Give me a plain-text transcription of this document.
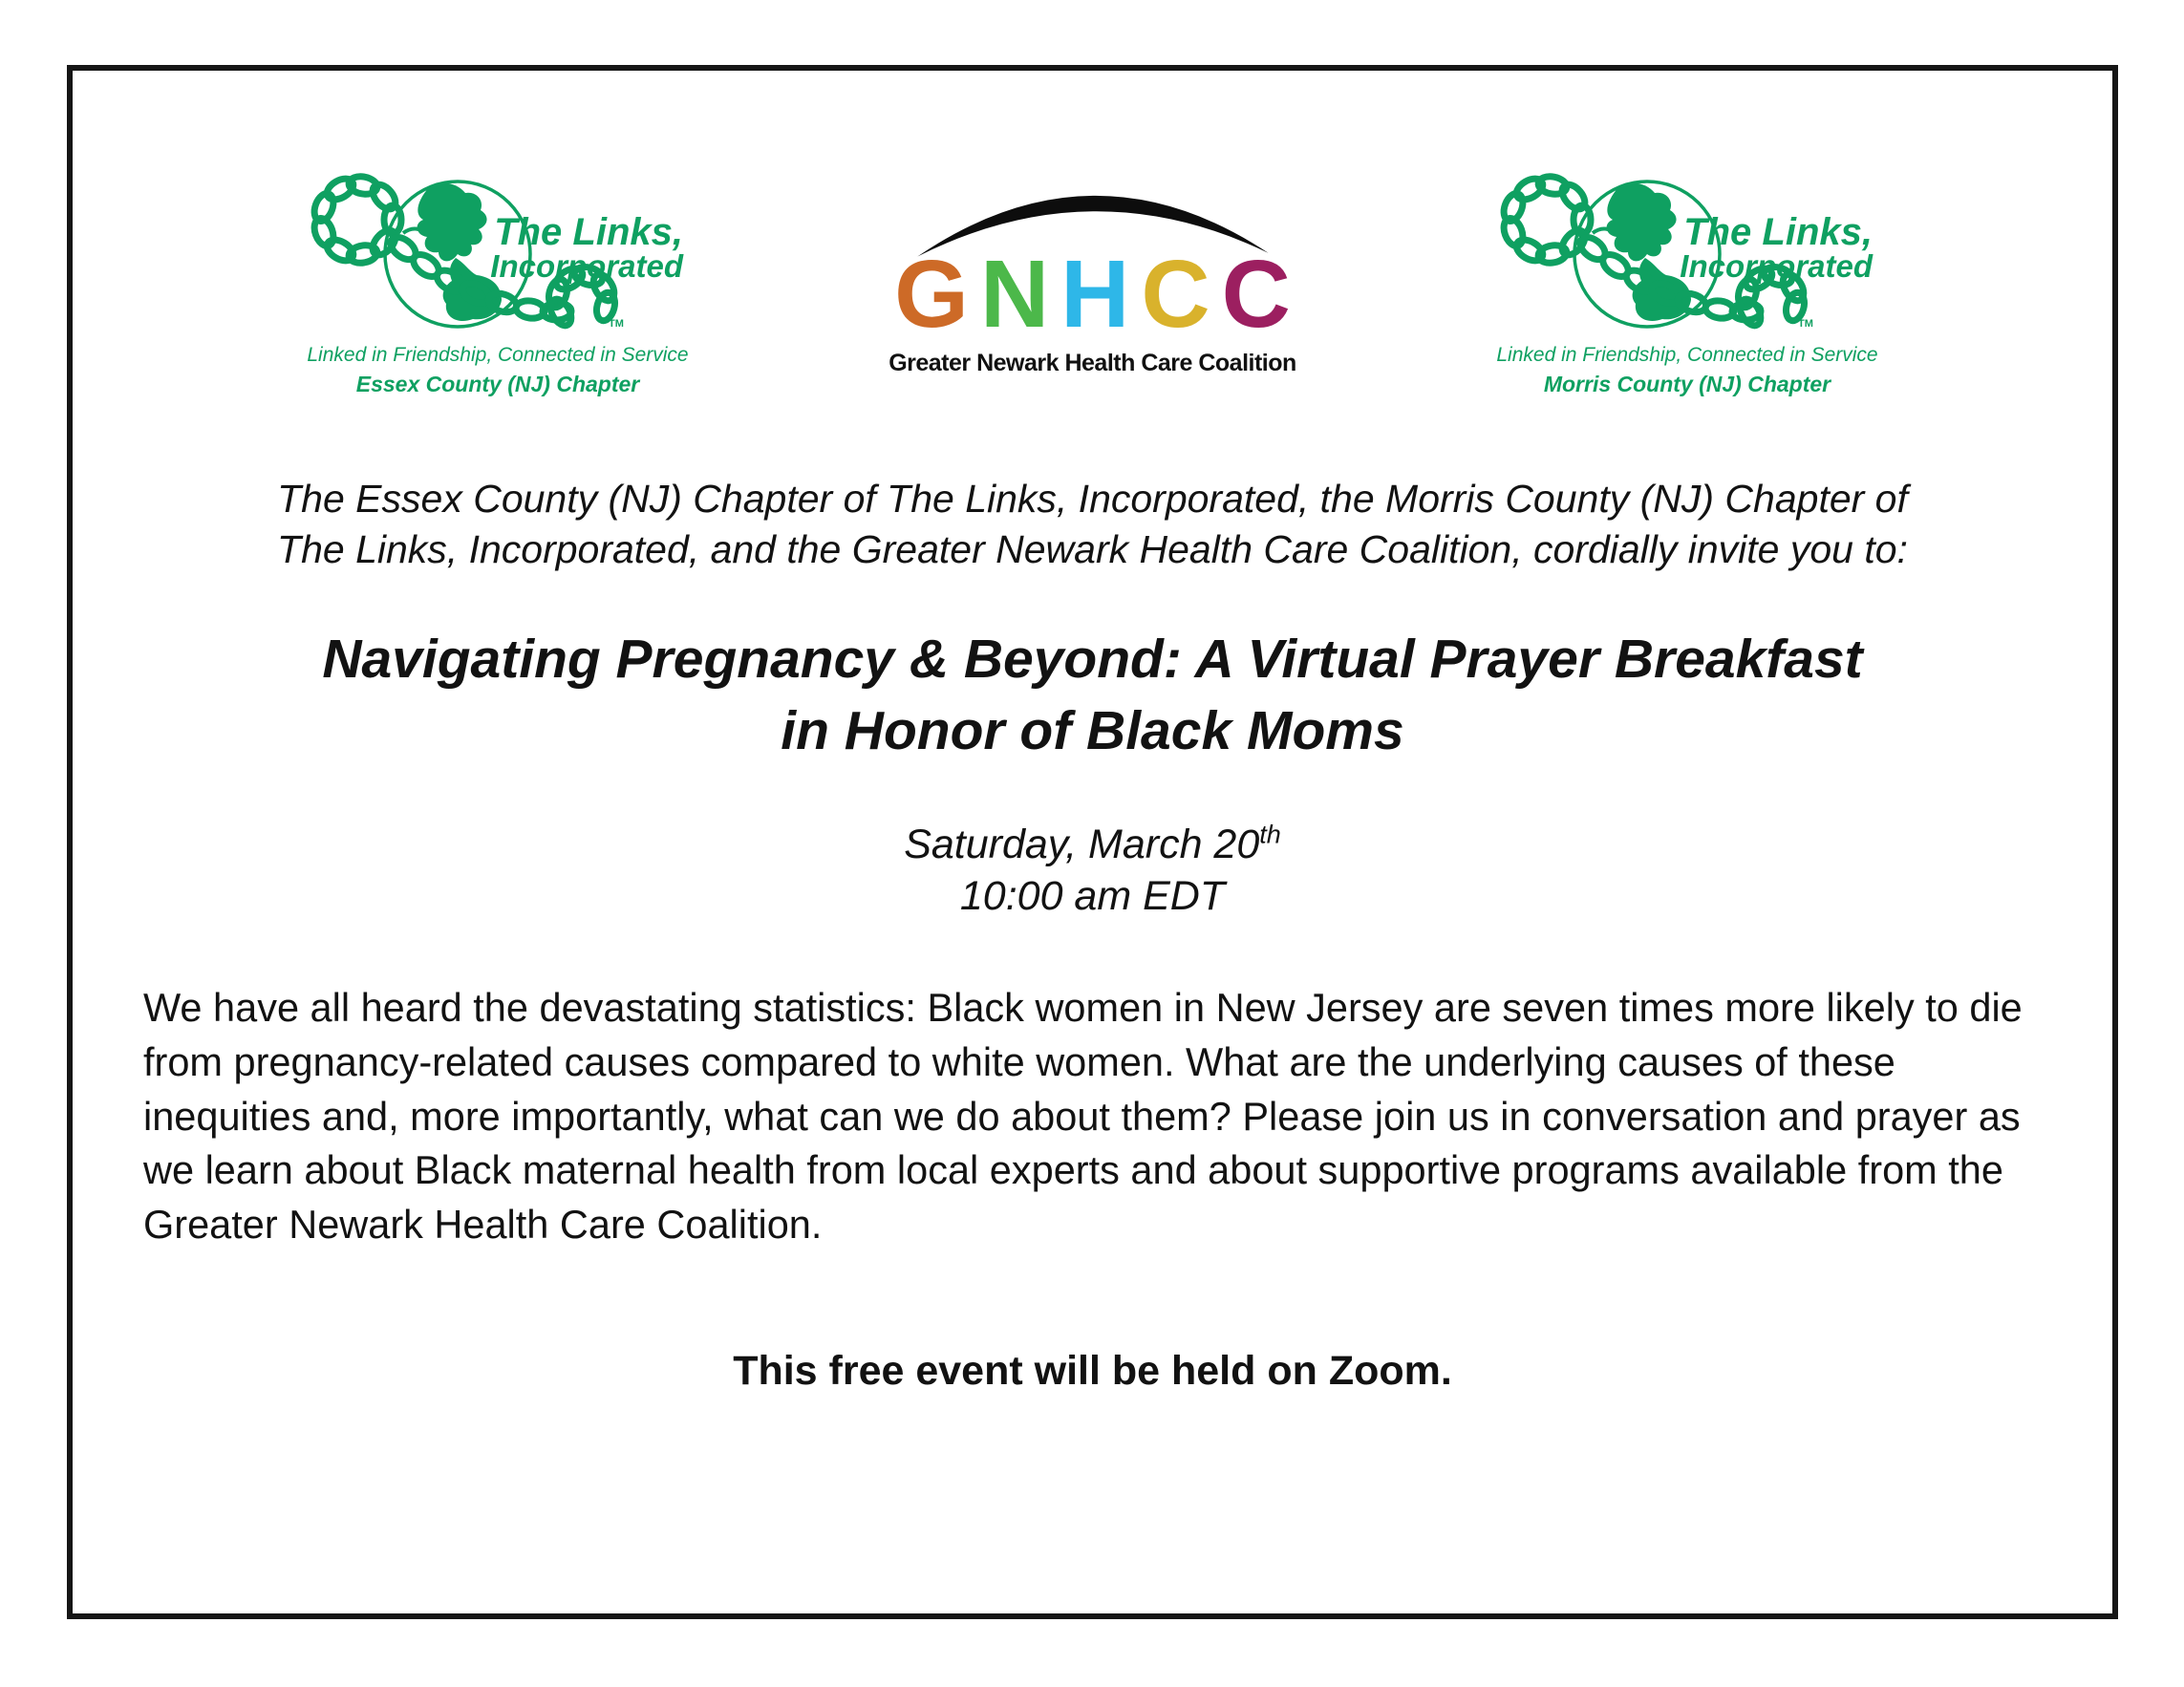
The Links,
Incorporated
TM
Linked in Friendship, Connected in Service
Essex County (NJ) Chapter
G N H C C
Greater Newark Health Care Coalition
The Links,
Incorporated
TM
Linked in Friendship, Connected in Service
Morris County (NJ) Chapter
The Essex County (NJ) Chapter of The Links, Incorporated, the Morris County (NJ) Chapter of
The Links, Incorporated, and the Greater Newark Health Care Coalition, cordially invite you to:
Navigating Pregnancy & Beyond: A Virtual Prayer Breakfast
in Honor of Black Moms
Saturday, March 20th
10:00 am EDT
We have all heard the devastating statistics: Black women in New Jersey are seven times more likely to die from pregnancy-related causes compared to white women. What are the underlying causes of these inequities and, more importantly, what can we do about them? Please join us in conversation and prayer as we learn about Black maternal health from local experts and about supportive programs available from the Greater Newark Health Care Coalition.
This free event will be held on Zoom.
